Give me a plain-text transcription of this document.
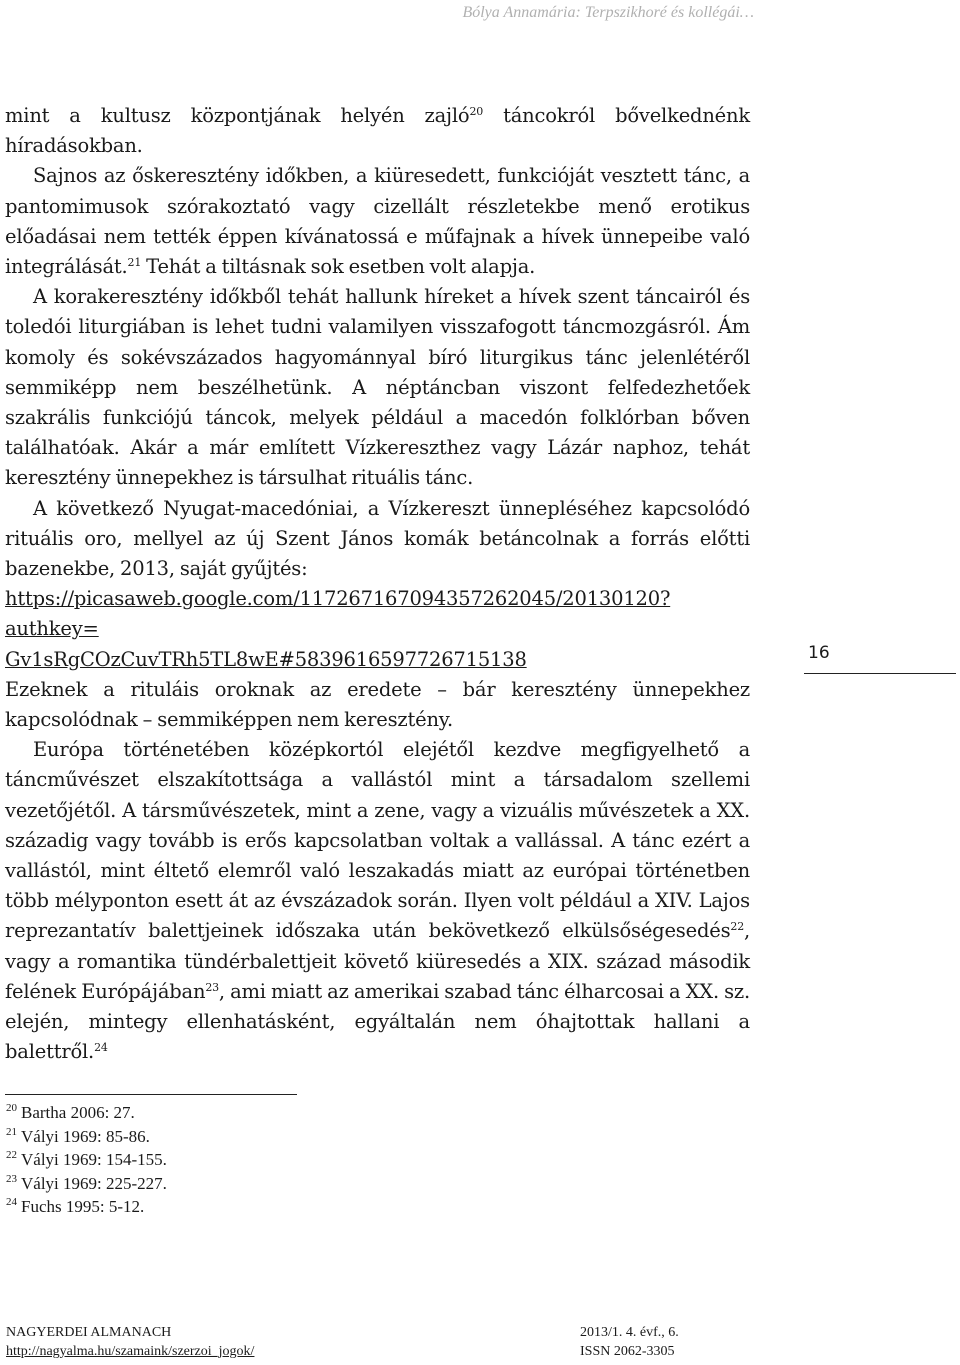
Bólya Annamária: Terpszikhoré és kollégái…

mint a kultusz központjának helyén zajló$^{20}$ táncokról bővelkednénk híradásokban.

Sajnos az őskeresztény időkben, a kiüresedett, funkcióját vesztett tánc, a pantomimusok szórakoztató vagy cizellált részletekbe menő erotikus előadásai nem tették éppen kívánatossá e műfajnak a hívek ünnepeibe való integrálását.$^{21}$ Tehát a tiltásnak sok esetben volt alapja.

A korakeresztény időkből tehát hallunk híreket a hívek szent táncairól és toledói liturgiában is lehet tudni valamilyen visszafogott táncmozgásról. Ám komoly és sokévszázados hagyománnyal bíró liturgikus tánc jelenlétéről semmiképp nem beszélhetünk. A néptáncban viszont felfedezhetőek szakrális funkciójú táncok, melyek például a macedón folklórban bőven találhatóak. Akár a már említett Vízkereszthez vagy Lázár naphoz, tehát keresztény ünnepekhez is társulhat rituális tánc.

A következő Nyugat-macedóniai, a Vízkereszt ünnepléséhez kapcsolódó rituális oro, mellyel az új Szent János komák betáncolnak a forrás előtti bazenekbe, 2013, saját gyűjtés:
https://picasaweb.google.com/117267167094357262045/20130120?authkey=
Gv1sRgCOzCuvTRh5TL8wE#5839616597726715138

Ezeknek a rituláis oroknak az eredete – bár keresztény ünnepekhez kapcsolódnak – semmiképpen nem keresztény.

Európa történetében középkortól elejétől kezdve megfigyelhető a táncművészet elszakítottsága a vallástól mint a társadalom szellemi vezetőjétől. A társművészetek, mint a zene, vagy a vizuális művészetek a XX. századig vagy tovább is erős kapcsolatban voltak a vallással. A tánc ezért a vallástól, mint éltető elemről való leszakadás miatt az európai történetben több mélyponton esett át az évszázadok során. Ilyen volt például a XIV. Lajos reprezantatív balettjeinek időszaka után bekövetkező elkülsőségesedés$^{22}$, vagy a romantika tündérbalettjeit követő kiüresedés a XIX. század második felének Európájában$^{23}$, ami miatt az amerikai szabad tánc élharcosai a XX. sz. elején, mintegy ellenhatásként, egyáltalán nem óhajtottak hallani a balettről.$^{24}$

16
$^{20}$ Bartha 2006: 27.
$^{21}$ Vályi 1969: 85-86.
$^{22}$ Vályi 1969: 154-155.
$^{23}$ Vályi 1969: 225-227.
$^{24}$ Fuchs 1995: 5-12.
NAGYERDEI ALMANACH	2013/1. 4. évf., 6.
http://nagyalma.hu/szamaink/szerzoi_jogok/	ISSN 2062-3305
